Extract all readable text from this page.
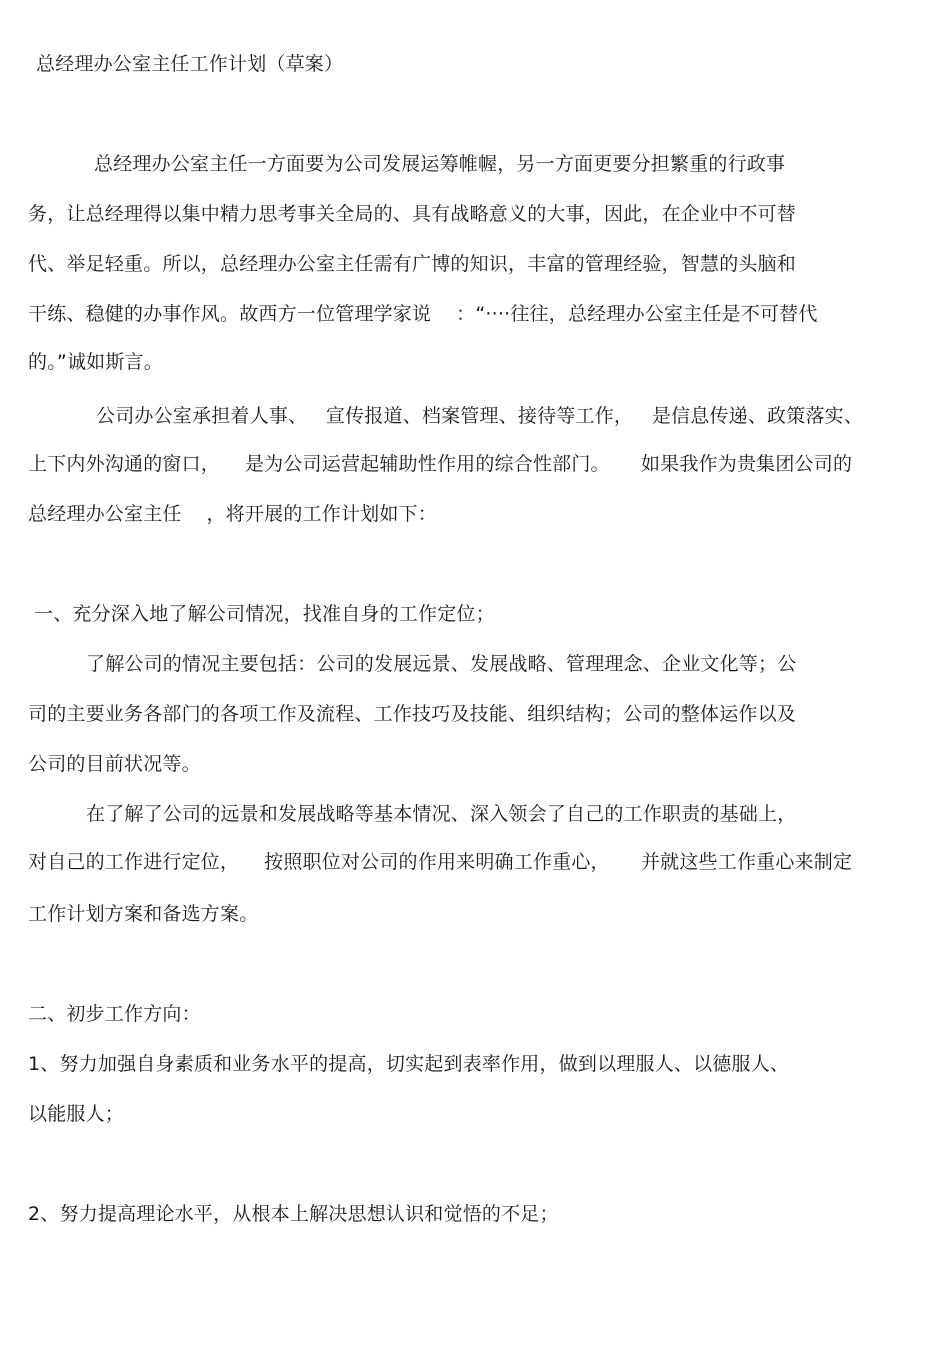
总经理办公室主任工作计划（草案）
总经理办公室主任一方面要为公司发展运筹帷幄，另一方面更要分担繁重的行政事
务，让总经理得以集中精力思考事关全局的、具有战略意义的大事，因此，在企业中不可替
代、举足轻重。所以，总经理办公室主任需有广博的知识，丰富的管理经验，智慧的头脑和
干练、稳健的办事作风。故西方一位管理学家说    ：“····往往，总经理办公室主任是不可替代
的。”诚如斯言。
公司办公室承担着人事、   宣传报道、档案管理、接待等工作，   是信息传递、政策落实、
上下内外沟通的窗口，    是为公司运营起辅助性作用的综合性部门。     如果我作为贵集团公司的
总经理办公室主任    ，将开展的工作计划如下：
一、充分深入地了解公司情况，找准自身的工作定位；
了解公司的情况主要包括：公司的发展远景、发展战略、管理理念、企业文化等；公
司的主要业务各部门的各项工作及流程、工作技巧及技能、组织结构；公司的整体运作以及
公司的目前状况等。
在了解了公司的远景和发展战略等基本情况、深入领会了自己的工作职责的基础上，
对自己的工作进行定位，    按照职位对公司的作用来明确工作重心，     并就这些工作重心来制定
工作计划方案和备选方案。
二、初步工作方向：
1、努力加强自身素质和业务水平的提高，切实起到表率作用，做到以理服人、以德服人、
以能服人；
2、努力提高理论水平，从根本上解决思想认识和觉悟的不足；
